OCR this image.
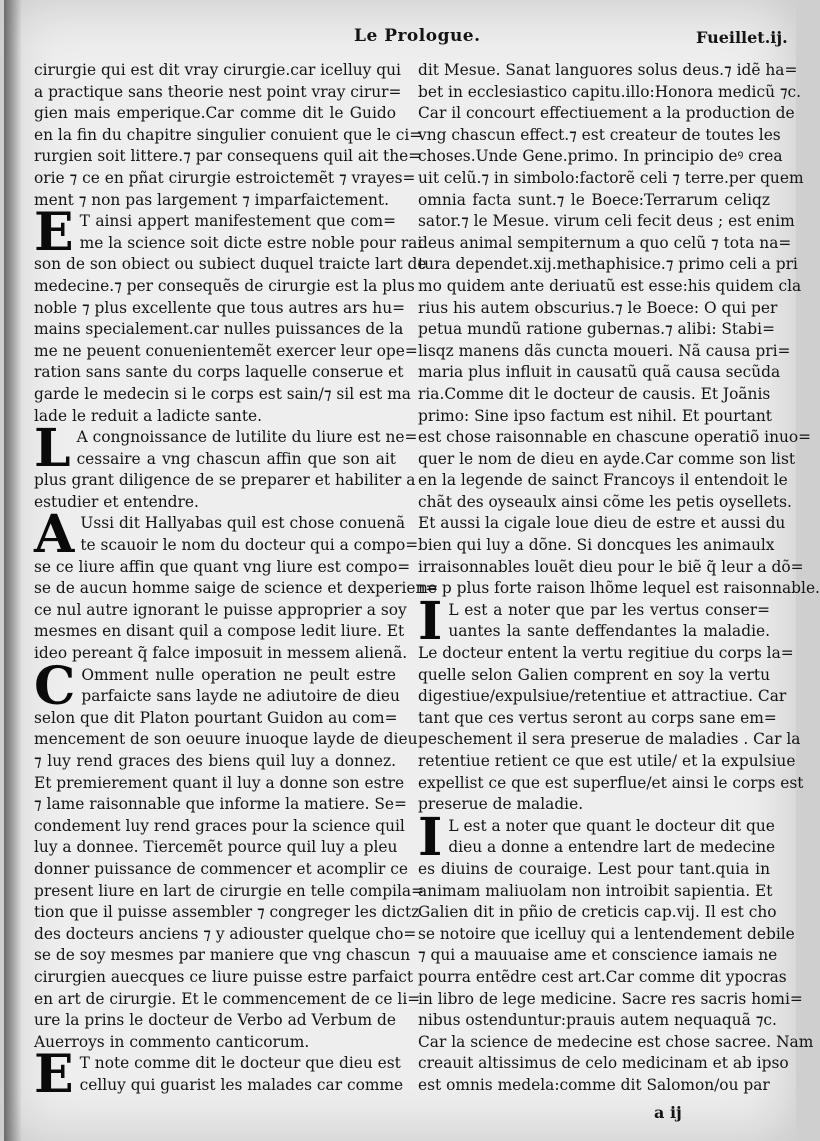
Le Prologue.	Fueillet.ij.

cirurgie qui est dit vray cirurgie.car icelluy qui
a practique sans theorie nest point vray cirur=
gien mais emperique.Car comme dit le Guido
en la fin du chapitre singulier conuient que le ci=
rurgien soit littere.⁊ par consequens quil ait the=
orie ⁊ ce en pñat cirurgie estroictemẽt ⁊ vrayes=
ment ⁊ non pas largement ⁊ imparfaictement.

E T ainsi appert manifestement que com=
me la science soit dicte estre noble pour rai
son de son obiect ou subiect duquel traicte lart de
medecine.⁊ per consequẽs de cirurgie est la plus
noble ⁊ plus excellente que tous autres ars hu=
mains specialement.car nulles puissances de la
me ne peuent conuenientemẽt exercer leur ope=
ration sans sante du corps laquelle conserue et
garde le medecin si le corps est sain/⁊ sil est ma
lade le reduit a ladicte sante.

L A congnoissance de lutilite du liure est ne=
cessaire a vng chascun affin que son ait
plus grant diligence de se preparer et habiliter a
estudier et entendre.

A Ussi dit Hallyabas quil est chose conuenã
te scauoir le nom du docteur qui a compo=
se ce liure affin que quant vng liure est compo=
se de aucun homme saige de science et dexperien=
ce nul autre ignorant le puisse approprier a soy
mesmes en disant quil a compose ledit liure. Et
ideo pereant q̃ falce imposuit in messem alienã.

C Omment nulle operation ne peult estre
parfaicte sans layde ne adiutoire de dieu
selon que dit Platon pourtant Guidon au com=
mencement de son oeuure inuoque layde de dieu
⁊ luy rend graces des biens quil luy a donnez.
Et premierement quant il luy a donne son estre
⁊ lame raisonnable que informe la matiere. Se=
condement luy rend graces pour la science quil
luy a donnee. Tiercemẽt pource quil luy a pleu
donner puissance de commencer et acomplir ce
present liure en lart de cirurgie en telle compila=
tion que il puisse assembler ⁊ congreger les dictz
des docteurs anciens ⁊ y adiouster quelque cho=
se de soy mesmes par maniere que vng chascun
cirurgien auecques ce liure puisse estre parfaict
en art de cirurgie. Et le commencement de ce li=
ure la prins le docteur de Verbo ad Verbum de
Auerroys in commento canticorum.

E T note comme dit le docteur que dieu est
celluy qui guarist les malades car comme

dit Mesue. Sanat languores solus deus.⁊ idẽ ha=
bet in ecclesiastico capitu.illo:Honora medicũ ⁊c.
Car il concourt effectiuement a la production de
vng chascun effect.⁊ est createur de toutes les
choses.Unde Gene.primo. In principio deꝰ crea
uit celũ.⁊ in simbolo:factorẽ celi ⁊ terre.per quem
omnia facta sunt.⁊ le Boece:Terrarum celiqz
sator.⁊ le Mesue. virum celi fecit deus ; est enim
deus animal sempiternum a quo celũ ⁊ tota na=
tura dependet.xij.methaphisice.⁊ primo celi a pri
mo quidem ante deriuatũ est esse:his quidem cla
rius his autem obscurius.⁊ le Boece: O qui per
petua mundũ ratione gubernas.⁊ alibi: Stabi=
lisqz manens dãs cuncta moueri. Nã causa pri=
maria plus influit in causatũ quã causa secũda
ria.Comme dit le docteur de causis. Et Joãnis
primo: Sine ipso factum est nihil. Et pourtant
est chose raisonnable en chascune operatiõ inuo=
quer le nom de dieu en ayde.Car comme son list
en la legende de sainct Francoys il entendoit le
chãt des oyseaulx ainsi cõme les petis oysellets.
Et aussi la cigale loue dieu de estre et aussi du
bien qui luy a dõne. Si doncques les animaulx
irraisonnables louẽt dieu pour le biẽ q̃ leur a dõ=
ne p plus forte raison lhõme lequel est raisonnable.

I L est a noter que par les vertus conser=
uantes la sante deffendantes la maladie.
Le docteur entent la vertu regitiue du corps la=
quelle selon Galien comprent en soy la vertu
digestiue/expulsiue/retentiue et attractiue. Car
tant que ces vertus seront au corps sane em=
peschement il sera preserue de maladies . Car la
retentiue retient ce que est utile/ et la expulsiue
expellist ce que est superflue/et ainsi le corps est
preserue de maladie.

I L est a noter que quant le docteur dit que
dieu a donne a entendre lart de medecine
es diuins de couraige. Lest pour tant.quia in
animam maliuolam non introibit sapientia. Et
Galien dit in pñio de creticis cap.vij. Il est cho
se notoire que icelluy qui a lentendement debile
⁊ qui a mauuaise ame et conscience iamais ne
pourra entẽdre cest art.Car comme dit ypocras
in libro de lege medicine. Sacre res sacris homi=
nibus ostenduntur:prauis autem nequaquã ⁊c.
Car la science de medecine est chose sacree. Nam
creauit altissimus de celo medicinam et ab ipso
est omnis medela:comme dit Salomon/ou par

a ij
